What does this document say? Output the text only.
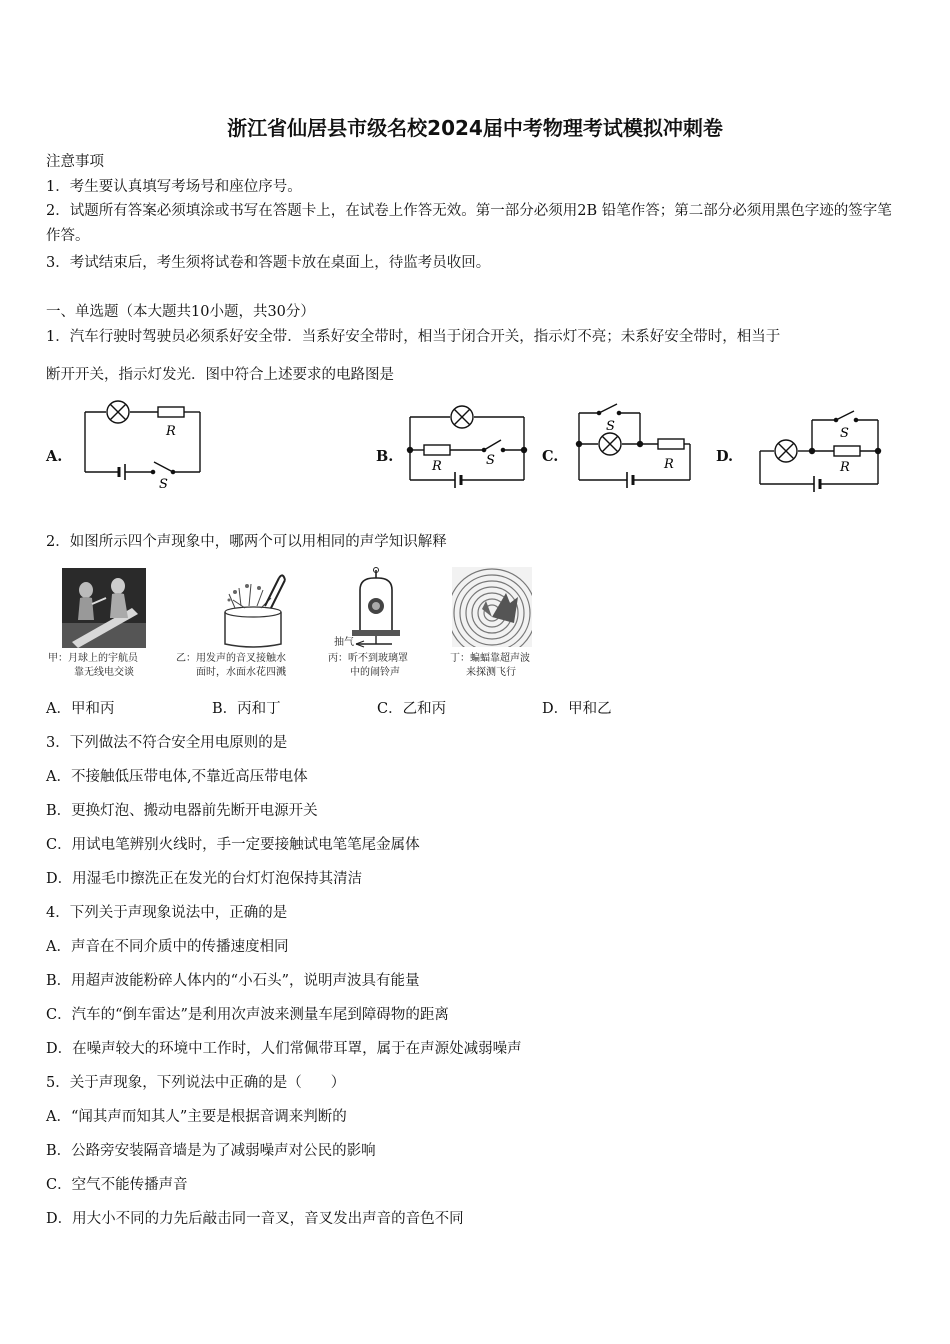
浙江省仙居县市级名校2024届中考物理考试模拟冲刺卷
注意事项
1．考生要认真填写考场号和座位序号。
2．试题所有答案必须填涂或书写在答题卡上，在试卷上作答无效。第一部分必须用2B 铅笔作答；第二部分必须用黑色字迹的签字笔作答。
3．考试结束后，考生须将试卷和答题卡放在桌面上，待监考员收回。
一、单选题（本大题共10小题，共30分）
1．汽车行驶时驾驶员必须系好安全带．当系好安全带时，相当于闭合开关，指示灯不亮；未系好安全带时，相当于
断开开关，指示灯发光．图中符合上述要求的电路图是
A.	B.	C.	D.
R
S
R	S
S
R
S
R
2．如图所示四个声现象中，哪两个可以用相同的声学知识解释
甲：月球上的宇航员
靠无线电交谈
乙：用发声的音叉接触水
面时，水面水花四溅
抽气
丙：听不到玻璃罩
中的闹铃声
丁：蝙蝠靠超声波
来探测飞行
A．甲和丙	B．丙和丁	C．乙和丙	D．甲和乙
3．下列做法不符合安全用电原则的是
A．不接触低压带电体,不靠近高压带电体
B．更换灯泡、搬动电器前先断开电源开关
C．用试电笔辨别火线时，手一定要接触试电笔笔尾金属体
D．用湿毛巾擦洗正在发光的台灯灯泡保持其清洁
4．下列关于声现象说法中，正确的是
A．声音在不同介质中的传播速度相同
B．用超声波能粉碎人体内的“小石头”，说明声波具有能量
C．汽车的“倒车雷达”是利用次声波来测量车尾到障碍物的距离
D．在噪声较大的环境中工作时，人们常佩带耳罩，属于在声源处减弱噪声
5．关于声现象，下列说法中正确的是（　　）
A．“闻其声而知其人”主要是根据音调来判断的
B．公路旁安装隔音墙是为了减弱噪声对公民的影响
C．空气不能传播声音
D．用大小不同的力先后敲击同一音叉，音叉发出声音的音色不同
